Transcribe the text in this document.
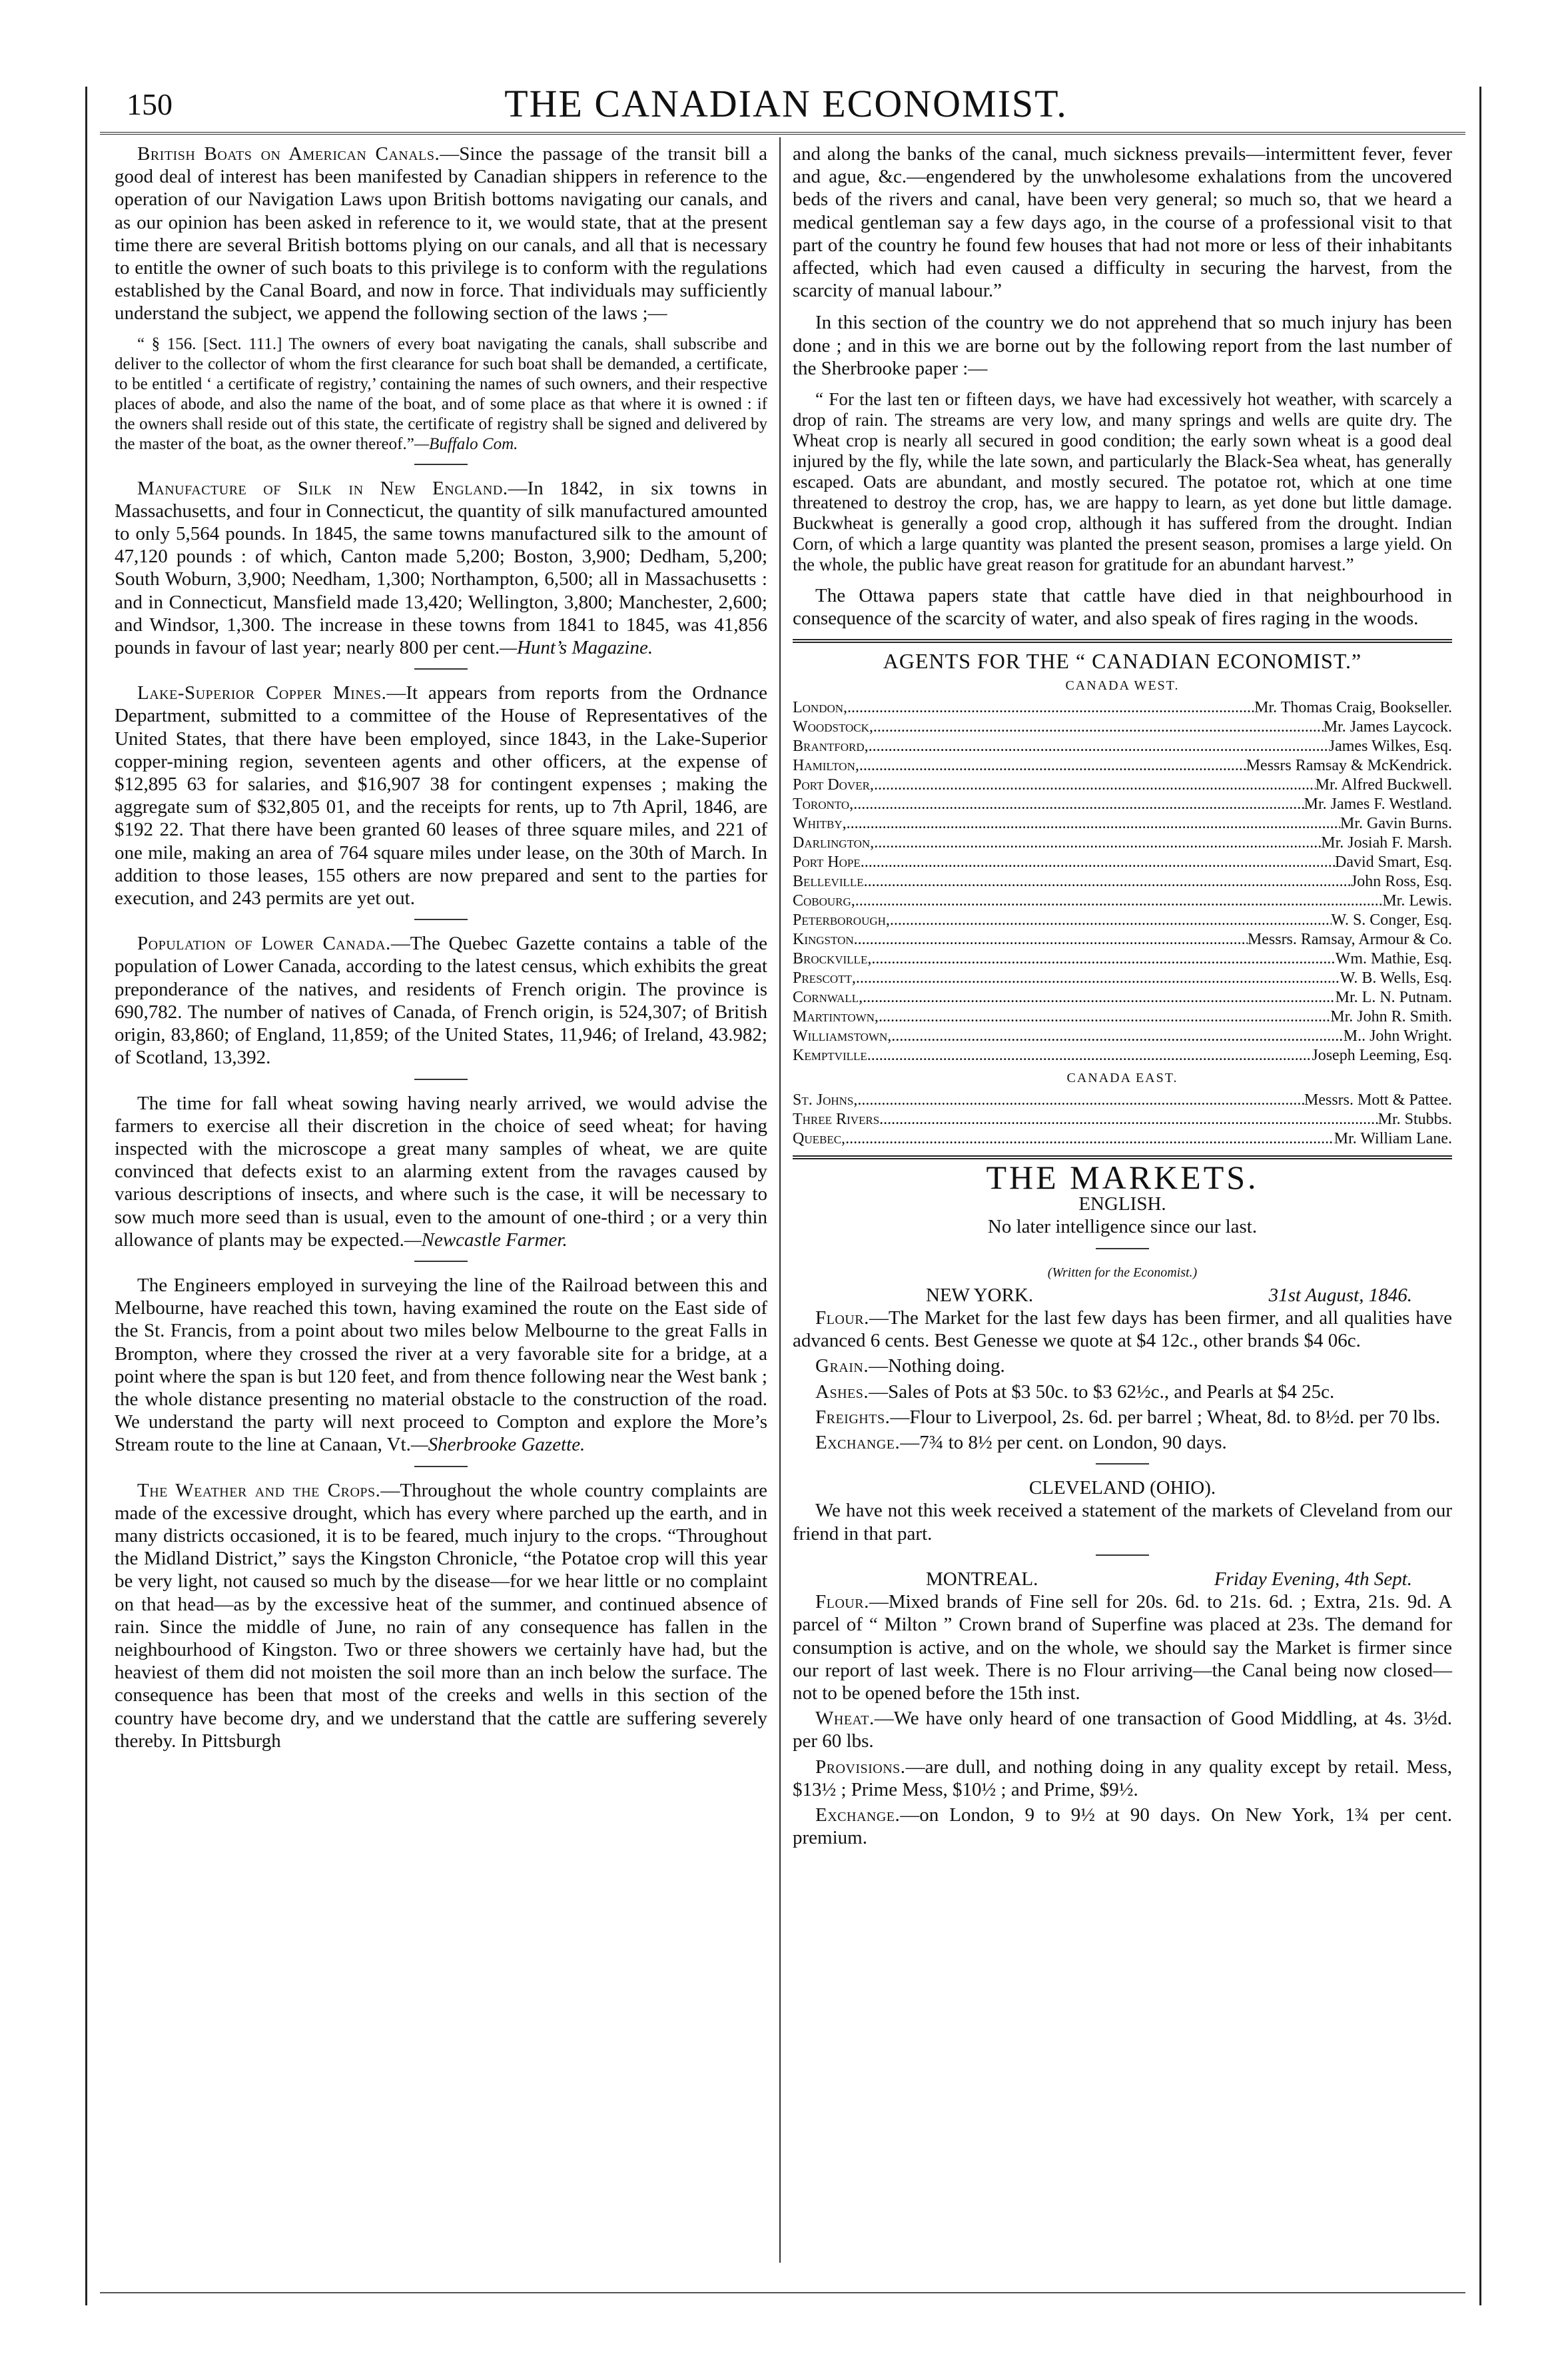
150	THE CANADIAN ECONOMIST.

British Boats on American Canals.—Since the passage of the transit bill a good deal of interest has been manifested by Canadian shippers in reference to the operation of our Navigation Laws upon British bottoms navigating our canals, and as our opinion has been asked in reference to it, we would state, that at the present time there are several British bottoms plying on our canals, and all that is necessary to entitle the owner of such boats to this privilege is to conform with the regulations established by the Canal Board, and now in force. That individuals may sufficiently understand the subject, we append the following section of the laws ;—

“ § 156. [Sect. 111.] The owners of every boat navigating the canals, shall subscribe and deliver to the collector of whom the first clearance for such boat shall be demanded, a certificate, to be entitled ‘ a certificate of registry,’ containing the names of such owners, and their respective places of abode, and also the name of the boat, and of some place as that where it is owned : if the owners shall reside out of this state, the certificate of registry shall be signed and delivered by the master of the boat, as the owner thereof.”—Buffalo Com.

Manufacture of Silk in New England.—In 1842, in six towns in Massachusetts, and four in Connecticut, the quantity of silk manufactured amounted to only 5,564 pounds. In 1845, the same towns manufactured silk to the amount of 47,120 pounds : of which, Canton made 5,200; Boston, 3,900; Dedham, 5,200; South Woburn, 3,900; Needham, 1,300; Northampton, 6,500; all in Massachusetts : and in Connecticut, Mansfield made 13,420; Wellington, 3,800; Manchester, 2,600; and Windsor, 1,300. The increase in these towns from 1841 to 1845, was 41,856 pounds in favour of last year; nearly 800 per cent.—Hunt’s Magazine.

Lake-Superior Copper Mines.—It appears from reports from the Ordnance Department, submitted to a committee of the House of Representatives of the United States, that there have been employed, since 1843, in the Lake-Superior copper-mining region, seventeen agents and other officers, at the expense of $12,895 63 for salaries, and $16,907 38 for contingent expenses ; making the aggregate sum of $32,805 01, and the receipts for rents, up to 7th April, 1846, are $192 22. That there have been granted 60 leases of three square miles, and 221 of one mile, making an area of 764 square miles under lease, on the 30th of March. In addition to those leases, 155 others are now prepared and sent to the parties for execution, and 243 permits are yet out.

Population of Lower Canada.—The Quebec Gazette contains a table of the population of Lower Canada, according to the latest census, which exhibits the great preponderance of the natives, and residents of French origin. The province is 690,782. The number of natives of Canada, of French origin, is 524,307; of British origin, 83,860; of England, 11,859; of the United States, 11,946; of Ireland, 43.982; of Scotland, 13,392.

The time for fall wheat sowing having nearly arrived, we would advise the farmers to exercise all their discretion in the choice of seed wheat; for having inspected with the microscope a great many samples of wheat, we are quite convinced that defects exist to an alarming extent from the ravages caused by various descriptions of insects, and where such is the case, it will be necessary to sow much more seed than is usual, even to the amount of one-third ; or a very thin allowance of plants may be expected.—Newcastle Farmer.

The Engineers employed in surveying the line of the Railroad between this and Melbourne, have reached this town, having examined the route on the East side of the St. Francis, from a point about two miles below Melbourne to the great Falls in Brompton, where they crossed the river at a very favorable site for a bridge, at a point where the span is but 120 feet, and from thence following near the West bank ; the whole distance presenting no material obstacle to the construction of the road. We understand the party will next proceed to Compton and explore the More’s Stream route to the line at Canaan, Vt.—Sherbrooke Gazette.

The Weather and the Crops.—Throughout the whole country complaints are made of the excessive drought, which has every where parched up the earth, and in many districts occasioned, it is to be feared, much injury to the crops. “Throughout the Midland District,” says the Kingston Chronicle, “the Potatoe crop will this year be very light, not caused so much by the disease—for we hear little or no complaint on that head—as by the excessive heat of the summer, and continued absence of rain. Since the middle of June, no rain of any consequence has fallen in the neighbourhood of Kingston. Two or three showers we certainly have had, but the heaviest of them did not moisten the soil more than an inch below the surface. The consequence has been that most of the creeks and wells in this section of the country have become dry, and we understand that the cattle are suffering severely thereby. In Pittsburgh

and along the banks of the canal, much sickness prevails—intermittent fever, fever and ague, &c.—engendered by the unwholesome exhalations from the uncovered beds of the rivers and canal, have been very general; so much so, that we heard a medical gentleman say a few days ago, in the course of a professional visit to that part of the country he found few houses that had not more or less of their inhabitants affected, which had even caused a difficulty in securing the harvest, from the scarcity of manual labour.”

In this section of the country we do not apprehend that so much injury has been done ; and in this we are borne out by the following report from the last number of the Sherbrooke paper :—

“ For the last ten or fifteen days, we have had excessively hot weather, with scarcely a drop of rain. The streams are very low, and many springs and wells are quite dry. The Wheat crop is nearly all secured in good condition; the early sown wheat is a good deal injured by the fly, while the late sown, and particularly the Black-Sea wheat, has generally escaped. Oats are abundant, and mostly secured. The potatoe rot, which at one time threatened to destroy the crop, has, we are happy to learn, as yet done but little damage. Buckwheat is generally a good crop, although it has suffered from the drought. Indian Corn, of which a large quantity was planted the present season, promises a large yield. On the whole, the public have great reason for gratitude for an abundant harvest.”

The Ottawa papers state that cattle have died in that neighbourhood in consequence of the scarcity of water, and also speak of fires raging in the woods.

AGENTS FOR THE “ CANADIAN ECONOMIST.”
CANADA WEST.
London, .....	Mr. Thomas Craig, Bookseller.
Woodstock, .....	Mr. James Laycock.
Brantford, .....	James Wilkes, Esq.
Hamilton, .....	Messrs Ramsay & McKendrick.
Port Dover, .....	Mr. Alfred Buckwell.
Toronto, .....	Mr. James F. Westland.
Whitby, .....	Mr. Gavin Burns.
Darlington, .....	Mr. Josiah F. Marsh.
Port Hope .....	David Smart, Esq.
Belleville .....	John Ross, Esq.
Cobourg, .....	Mr. Lewis.
Peterborough, .....	W. S. Conger, Esq.
Kingston .....	Messrs. Ramsay, Armour & Co.
Brockville, .....	Wm. Mathie, Esq.
Prescott, .....	W. B. Wells, Esq.
Cornwall, .....	Mr. L. N. Putnam.
Martintown, .....	Mr. John R. Smith.
Williamstown, .....	M.. John Wright.
Kemptville .....	Joseph Leeming, Esq.
CANADA EAST.
St. Johns, .....	Messrs. Mott & Pattee.
Three Rivers .....	Mr. Stubbs.
Quebec, .....	Mr. William Lane.
THE MARKETS.

ENGLISH.

No later intelligence since our last.

(Written for the Economist.)

NEW YORK.	31st August, 1846.

Flour.—The Market for the last few days has been firmer, and all qualities have advanced 6 cents. Best Genesse we quote at $4 12c., other brands $4 06c.

Grain.—Nothing doing.

Ashes.—Sales of Pots at $3 50c. to $3 62½c., and Pearls at $4 25c.

Freights.—Flour to Liverpool, 2s. 6d. per barrel ; Wheat, 8d. to 8½d. per 70 lbs.

Exchange.—7¾ to 8½ per cent. on London, 90 days.

CLEVELAND (OHIO).

We have not this week received a statement of the markets of Cleveland from our friend in that part.

MONTREAL.	Friday Evening, 4th Sept.

Flour.—Mixed brands of Fine sell for 20s. 6d. to 21s. 6d. ; Extra, 21s. 9d. A parcel of “ Milton ” Crown brand of Superfine was placed at 23s. The demand for consumption is active, and on the whole, we should say the Market is firmer since our report of last week. There is no Flour arriving—the Canal being now closed—not to be opened before the 15th inst.

Wheat.—We have only heard of one transaction of Good Middling, at 4s. 3½d. per 60 lbs.

Provisions.—are dull, and nothing doing in any quality except by retail. Mess, $13½ ; Prime Mess, $10½ ; and Prime, $9½.

Exchange.—on London, 9 to 9½ at 90 days. On New York, 1¾ per cent. premium.
